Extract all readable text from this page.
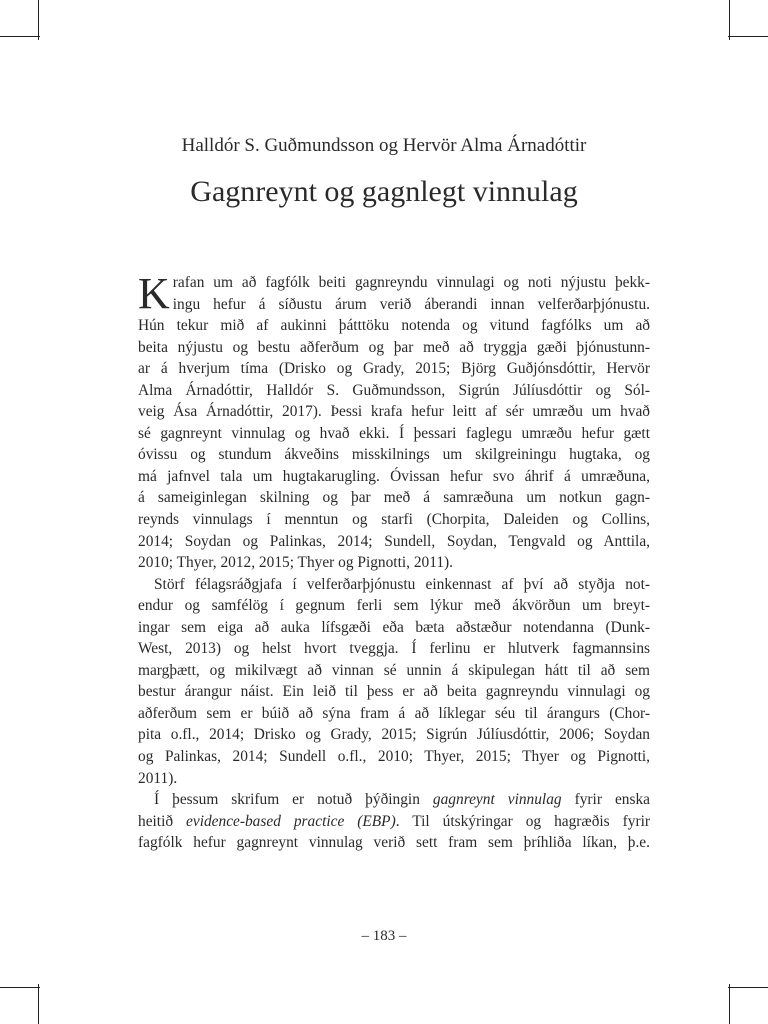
Halldór S. Guðmundsson og Hervör Alma Árnadóttir
Gagnreynt og gagnlegt vinnulag
K rafan um að fagfólk beiti gagnreyndu vinnulagi og noti nýjustu þekk-

ingu hefur á síðustu árum verið áberandi innan velferðarþjónustu.

Hún tekur mið af aukinni þátttöku notenda og vitund fagfólks um að

beita nýjustu og bestu aðferðum og þar með að tryggja gæði þjónustunn-

ar á hverjum tíma (Drisko og Grady, 2015; Björg Guðjónsdóttir, Hervör

Alma Árnadóttir, Halldór S. Guðmundsson, Sigrún Júlíusdóttir og Sól-

veig Ása Árnadóttir, 2017). Þessi krafa hefur leitt af sér umræðu um hvað

sé gagnreynt vinnulag og hvað ekki. Í þessari faglegu umræðu hefur gætt

óvissu og stundum ákveðins misskilnings um skilgreiningu hugtaka, og

má jafnvel tala um hugtakarugling. Óvissan hefur svo áhrif á umræðuna,

á sameiginlegan skilning og þar með á samræðuna um notkun gagn-

reynds vinnulags í menntun og starfi (Chorpita, Daleiden og Collins,

2014; Soydan og Palinkas, 2014; Sundell, Soydan, Tengvald og Anttila,

2010; Thyer, 2012, 2015; Thyer og Pignotti, 2011).

Störf félagsráðgjafa í velferðarþjónustu einkennast af því að styðja not-

endur og samfélög í gegnum ferli sem lýkur með ákvörðun um breyt-

ingar sem eiga að auka lífsgæði eða bæta aðstæður notendanna (Dunk-

West, 2013) og helst hvort tveggja. Í ferlinu er hlutverk fagmannsins

margþætt, og mikilvægt að vinnan sé unnin á skipulegan hátt til að sem

bestur árangur náist. Ein leið til þess er að beita gagnreyndu vinnulagi og

aðferðum sem er búið að sýna fram á að líklegar séu til árangurs (Chor-

pita o.fl., 2014; Drisko og Grady, 2015; Sigrún Júlíusdóttir, 2006; Soydan

og Palinkas, 2014; Sundell o.fl., 2010; Thyer, 2015; Thyer og Pignotti,

2011).

Í þessum skrifum er notuð þýðingin gagnreynt vinnulag fyrir enska

heitið evidence-based practice (EBP). Til útskýringar og hagræðis fyrir

fagfólk hefur gagnreynt vinnulag verið sett fram sem þríhliða líkan, þ.e.

– 183 –
